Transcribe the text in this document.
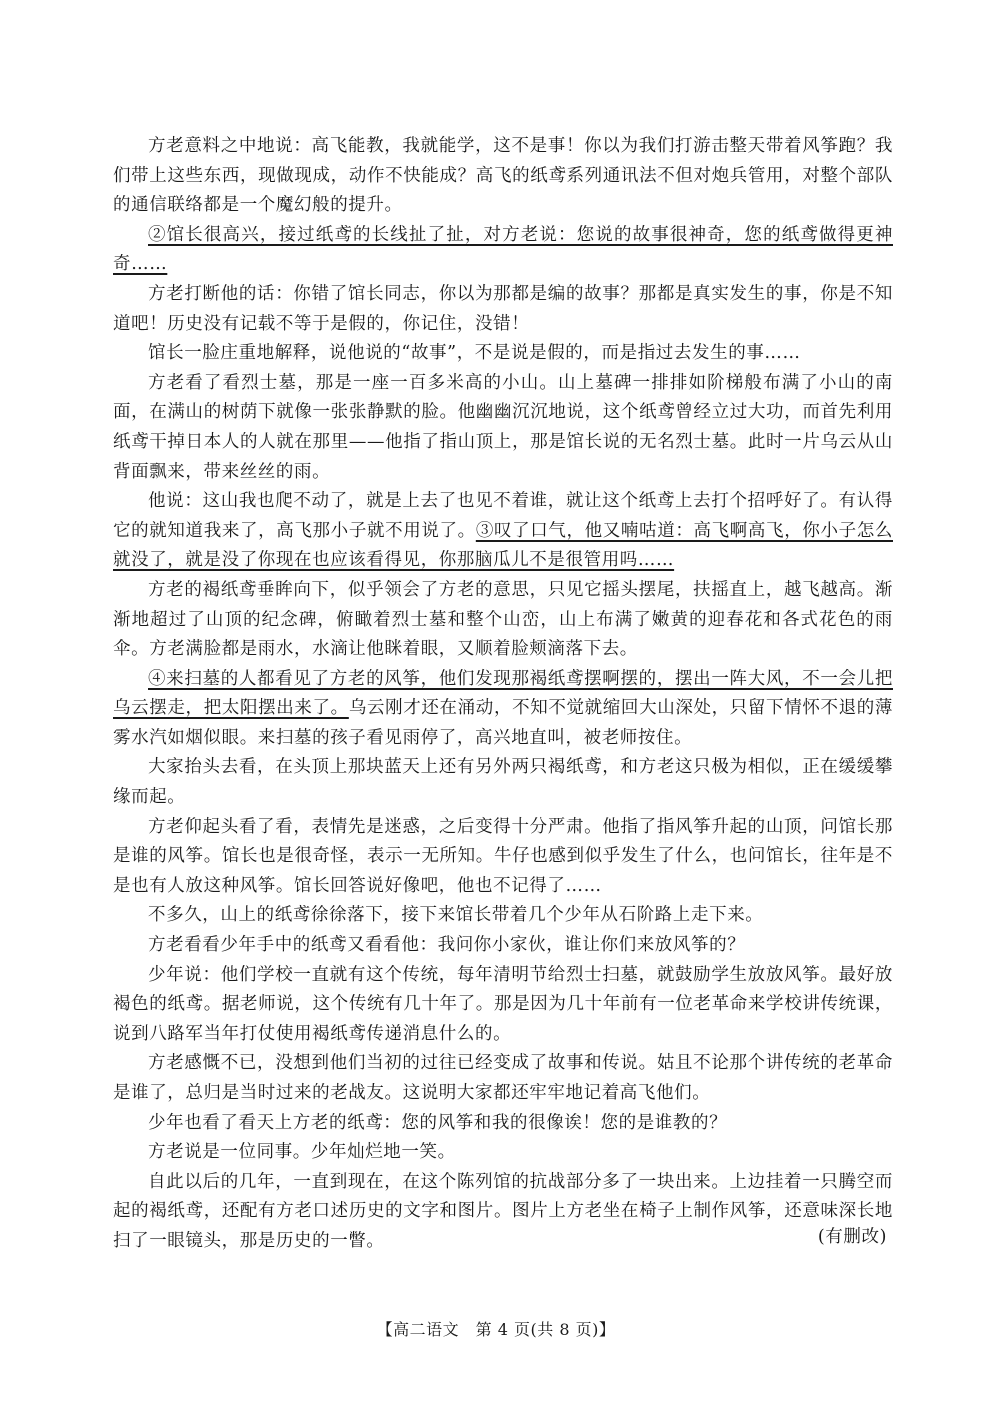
方老意料之中地说：高飞能教，我就能学，这不是事！你以为我们打游击整天带着风筝跑？我们带上这些东西，现做现成，动作不快能成？高飞的纸鸢系列通讯法不但对炮兵管用，对整个部队的通信联络都是一个魔幻般的提升。

②馆长很高兴，接过纸鸢的长线扯了扯，对方老说：您说的故事很神奇，您的纸鸢做得更神奇……

方老打断他的话：你错了馆长同志，你以为那都是编的故事？那都是真实发生的事，你是不知道吧！历史没有记载不等于是假的，你记住，没错！

馆长一脸庄重地解释，说他说的“故事”，不是说是假的，而是指过去发生的事……

方老看了看烈士墓，那是一座一百多米高的小山。山上墓碑一排排如阶梯般布满了小山的南面，在满山的树荫下就像一张张静默的脸。他幽幽沉沉地说，这个纸鸢曾经立过大功，而首先利用纸鸢干掉日本人的人就在那里——他指了指山顶上，那是馆长说的无名烈士墓。此时一片乌云从山背面飘来，带来丝丝的雨。

他说：这山我也爬不动了，就是上去了也见不着谁，就让这个纸鸢上去打个招呼好了。有认得它的就知道我来了，高飞那小子就不用说了。③叹了口气，他又喃咕道：高飞啊高飞，你小子怎么就没了，就是没了你现在也应该看得见，你那脑瓜儿不是很管用吗……

方老的褐纸鸢垂眸向下，似乎领会了方老的意思，只见它摇头摆尾，扶摇直上，越飞越高。渐渐地超过了山顶的纪念碑，俯瞰着烈士墓和整个山峦，山上布满了嫩黄的迎春花和各式花色的雨伞。方老满脸都是雨水，水滴让他眯着眼，又顺着脸颊滴落下去。

④来扫墓的人都看见了方老的风筝，他们发现那褐纸鸢摆啊摆的，摆出一阵大风，不一会儿把乌云摆走，把太阳摆出来了。乌云刚才还在涌动，不知不觉就缩回大山深处，只留下情怀不退的薄雾水汽如烟似眼。来扫墓的孩子看见雨停了，高兴地直叫，被老师按住。

大家抬头去看，在头顶上那块蓝天上还有另外两只褐纸鸢，和方老这只极为相似，正在缓缓攀缘而起。

方老仰起头看了看，表情先是迷惑，之后变得十分严肃。他指了指风筝升起的山顶，问馆长那是谁的风筝。馆长也是很奇怪，表示一无所知。牛仔也感到似乎发生了什么，也问馆长，往年是不是也有人放这种风筝。馆长回答说好像吧，他也不记得了……

不多久，山上的纸鸢徐徐落下，接下来馆长带着几个少年从石阶路上走下来。

方老看看少年手中的纸鸢又看看他：我问你小家伙，谁让你们来放风筝的？

少年说：他们学校一直就有这个传统，每年清明节给烈士扫墓，就鼓励学生放放风筝。最好放褐色的纸鸢。据老师说，这个传统有几十年了。那是因为几十年前有一位老革命来学校讲传统课，说到八路军当年打仗使用褐纸鸢传递消息什么的。

方老感慨不已，没想到他们当初的过往已经变成了故事和传说。姑且不论那个讲传统的老革命是谁了，总归是当时过来的老战友。这说明大家都还牢牢地记着高飞他们。

少年也看了看天上方老的纸鸢：您的风筝和我的很像诶！您的是谁教的？

方老说是一位同事。少年灿烂地一笑。

自此以后的几年，一直到现在，在这个陈列馆的抗战部分多了一块出来。上边挂着一只腾空而起的褐纸鸢，还配有方老口述历史的文字和图片。图片上方老坐在椅子上制作风筝，还意味深长地扫了一眼镜头，那是历史的一瞥。	(有删改)
【高二语文　第 4 页(共 8 页)】
